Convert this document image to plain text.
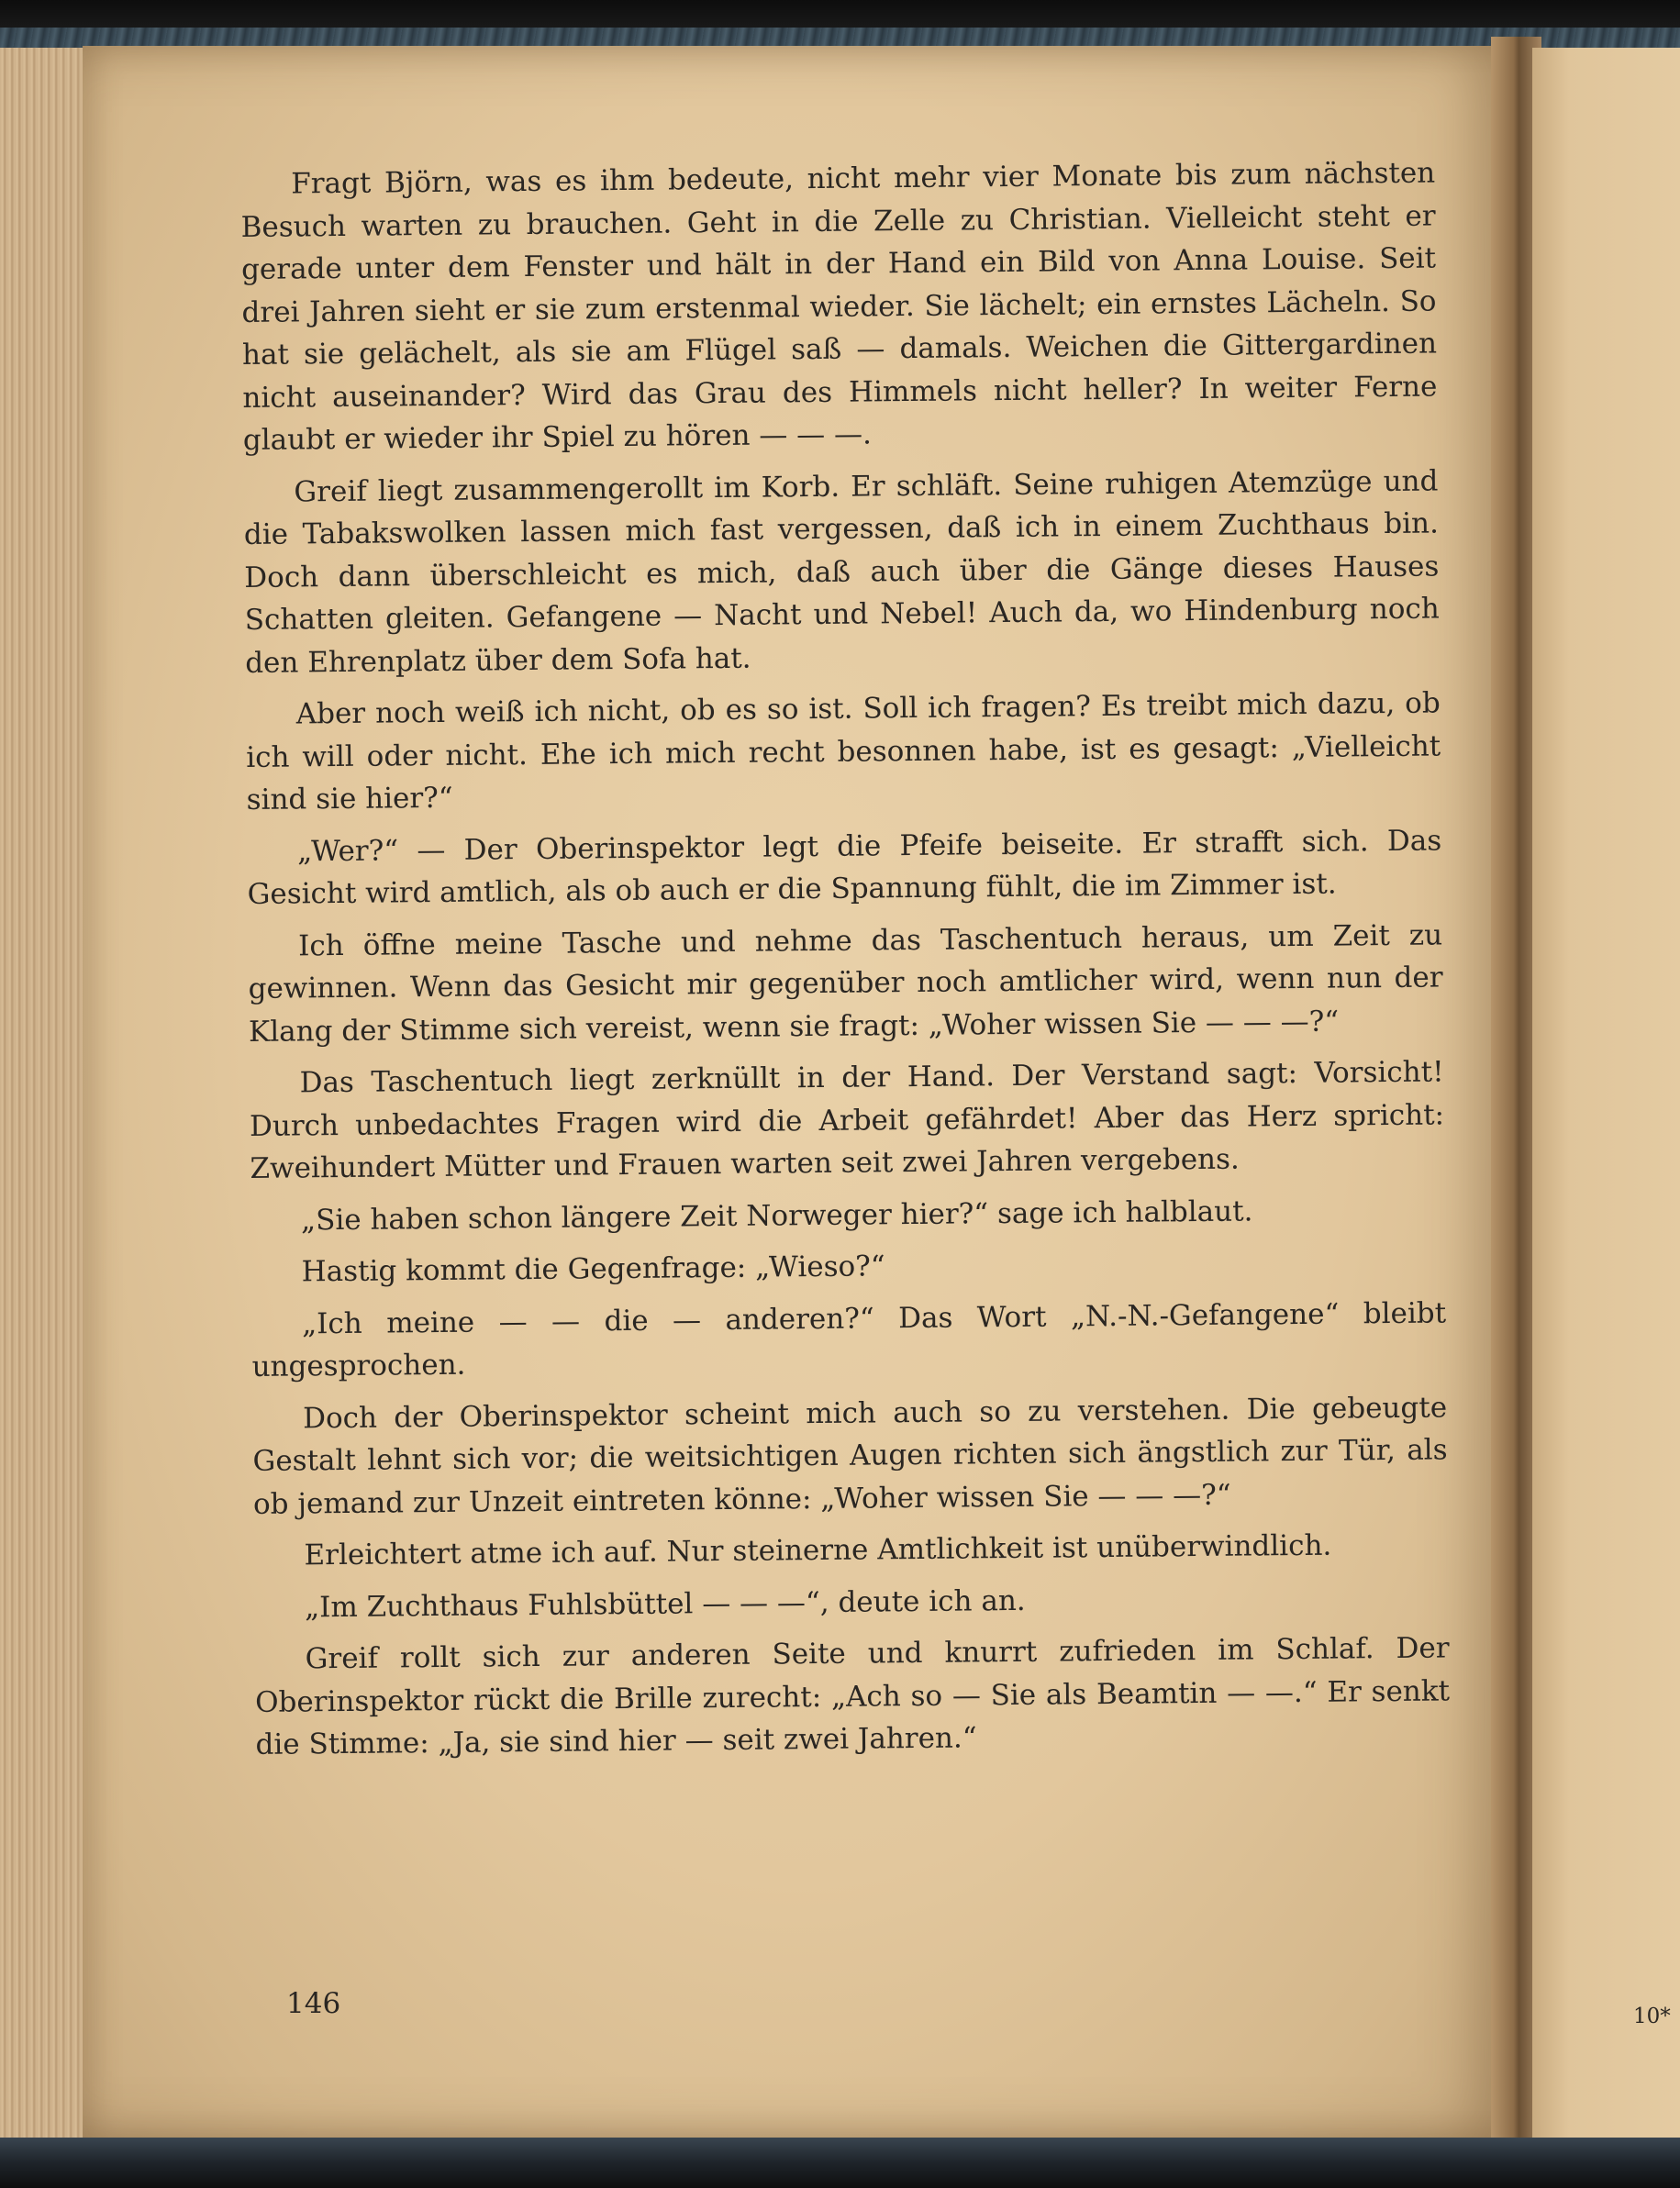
Fragt Björn, was es ihm bedeute, nicht mehr vier Monate bis zum nächsten Besuch warten zu brauchen. Geht in die Zelle zu Christian. Vielleicht steht er gerade unter dem Fenster und hält in der Hand ein Bild von Anna Louise. Seit drei Jahren sieht er sie zum erstenmal wieder. Sie lächelt; ein ernstes Lächeln. So hat sie gelächelt, als sie am Flügel saß — damals. Weichen die Gittergardinen nicht auseinander? Wird das Grau des Himmels nicht heller? In weiter Ferne glaubt er wieder ihr Spiel zu hören — — —.

Greif liegt zusammengerollt im Korb. Er schläft. Seine ruhigen Atemzüge und die Tabakswolken lassen mich fast vergessen, daß ich in einem Zuchthaus bin. Doch dann überschleicht es mich, daß auch über die Gänge dieses Hauses Schatten gleiten. Gefangene — Nacht und Nebel! Auch da, wo Hindenburg noch den Ehrenplatz über dem Sofa hat.

Aber noch weiß ich nicht, ob es so ist. Soll ich fragen? Es treibt mich dazu, ob ich will oder nicht. Ehe ich mich recht besonnen habe, ist es gesagt: „Vielleicht sind sie hier?“

„Wer?“ — Der Oberinspektor legt die Pfeife beiseite. Er strafft sich. Das Gesicht wird amtlich, als ob auch er die Spannung fühlt, die im Zimmer ist.

Ich öffne meine Tasche und nehme das Taschentuch heraus, um Zeit zu gewinnen. Wenn das Gesicht mir gegenüber noch amtlicher wird, wenn nun der Klang der Stimme sich vereist, wenn sie fragt: „Woher wissen Sie — — —?“

Das Taschentuch liegt zerknüllt in der Hand. Der Verstand sagt: Vorsicht! Durch unbedachtes Fragen wird die Arbeit gefährdet! Aber das Herz spricht: Zweihundert Mütter und Frauen warten seit zwei Jahren vergebens.

„Sie haben schon längere Zeit Norweger hier?“ sage ich halblaut.

Hastig kommt die Gegenfrage: „Wieso?“

„Ich meine — — die — anderen?“ Das Wort „N.-N.-Gefangene“ bleibt ungesprochen.

Doch der Oberinspektor scheint mich auch so zu verstehen. Die gebeugte Gestalt lehnt sich vor; die weitsichtigen Augen richten sich ängstlich zur Tür, als ob jemand zur Unzeit eintreten könne: „Woher wissen Sie — — —?“

Erleichtert atme ich auf. Nur steinerne Amtlichkeit ist unüberwindlich.

„Im Zuchthaus Fuhlsbüttel — — —“, deute ich an.

Greif rollt sich zur anderen Seite und knurrt zufrieden im Schlaf. Der Oberinspektor rückt die Brille zurecht: „Ach so — Sie als Beamtin — —.“ Er senkt die Stimme: „Ja, sie sind hier — seit zwei Jahren.“

146	10*
